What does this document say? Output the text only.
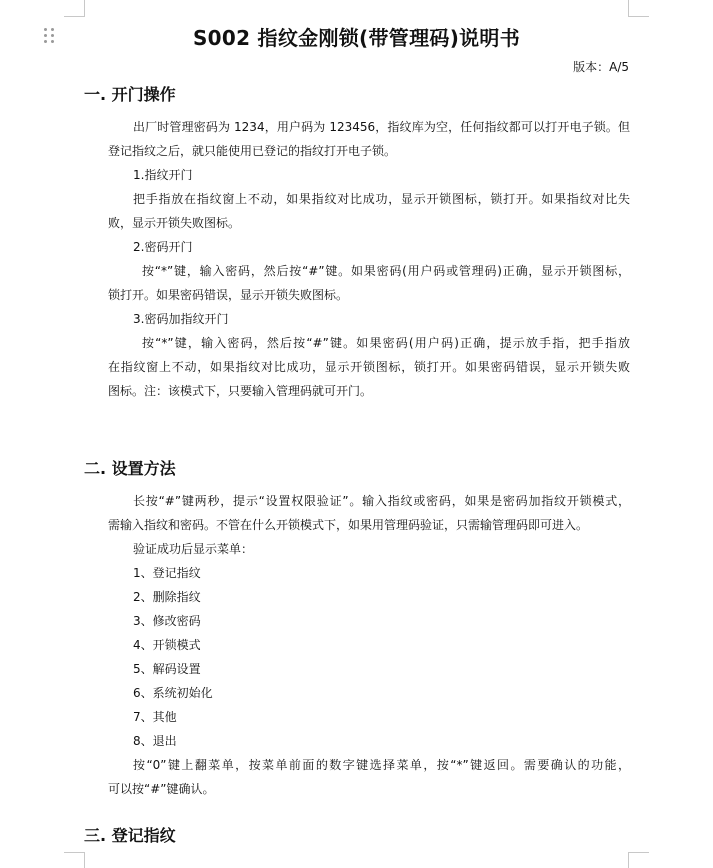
S002 指纹金刚锁(带管理码)说明书
版本：A/5
一. 开门操作
出厂时管理密码为 1234，用户码为 123456，指纹库为空，任何指纹都可以打开电子锁。但
登记指纹之后，就只能使用已登记的指纹打开电子锁。
1.指纹开门
把手指放在指纹窗上不动，如果指纹对比成功，显示开锁图标，锁打开。如果指纹对比失
败，显示开锁失败图标。
2.密码开门
按“*”键，输入密码，然后按“#”键。如果密码(用户码或管理码)正确，显示开锁图标，
锁打开。如果密码错误，显示开锁失败图标。
3.密码加指纹开门
按“*”键，输入密码，然后按“#”键。如果密码(用户码)正确，提示放手指，把手指放
在指纹窗上不动，如果指纹对比成功，显示开锁图标，锁打开。如果密码错误，显示开锁失败
图标。注：该模式下，只要输入管理码就可开门。
二. 设置方法
长按“#”键两秒，提示“设置权限验证”。输入指纹或密码，如果是密码加指纹开锁模式，
需输入指纹和密码。不管在什么开锁模式下，如果用管理码验证，只需输管理码即可进入。
验证成功后显示菜单：
1、登记指纹
2、删除指纹
3、修改密码
4、开锁模式
5、解码设置
6、系统初始化
7、其他
8、退出
按“0”键上翻菜单，按菜单前面的数字键选择菜单，按“*”键返回。需要确认的功能，
可以按“#”键确认。
三. 登记指纹
